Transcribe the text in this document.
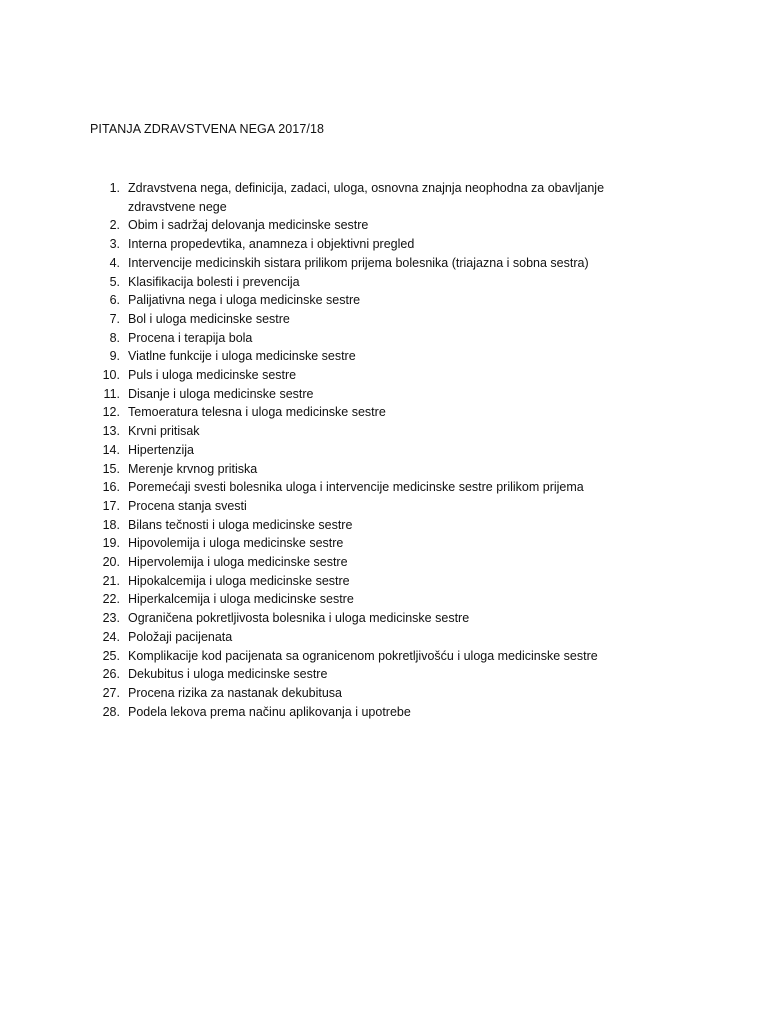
PITANJA ZDRAVSTVENA NEGA 2017/18
1. Zdravstvena nega, definicija, zadaci, uloga, osnovna znajnja neophodna za obavljanje zdravstvene nege
2. Obim i sadržaj delovanja medicinske sestre
3. Interna propedevtika, anamneza i objektivni pregled
4. Intervencije medicinskih sistara prilikom prijema bolesnika (triajazna i sobna sestra)
5. Klasifikacija bolesti i prevencija
6. Palijativna nega i uloga medicinske sestre
7. Bol i uloga medicinske sestre
8. Procena i terapija bola
9. Viatlne funkcije i uloga medicinske sestre
10. Puls i uloga medicinske sestre
11. Disanje i uloga medicinske sestre
12. Temoeratura telesna i uloga medicinske sestre
13. Krvni pritisak
14. Hipertenzija
15. Merenje krvnog pritiska
16. Poremećaji svesti bolesnika uloga i intervencije medicinske sestre prilikom prijema
17. Procena stanja svesti
18. Bilans tečnosti i uloga medicinske sestre
19. Hipovolemija i uloga medicinske sestre
20. Hipervolemija i uloga medicinske sestre
21. Hipokalcemija i uloga medicinske sestre
22. Hiperkalcemija i uloga medicinske sestre
23. Ograničena pokretljivosta bolesnika i uloga medicinske sestre
24. Položaji pacijenata
25. Komplikacije kod pacijenata sa ogranicenom pokretljivošću i uloga medicinske sestre
26. Dekubitus i uloga medicinske sestre
27. Procena rizika za nastanak dekubitusa
28. Podela lekova prema načinu aplikovanja i upotrebe
